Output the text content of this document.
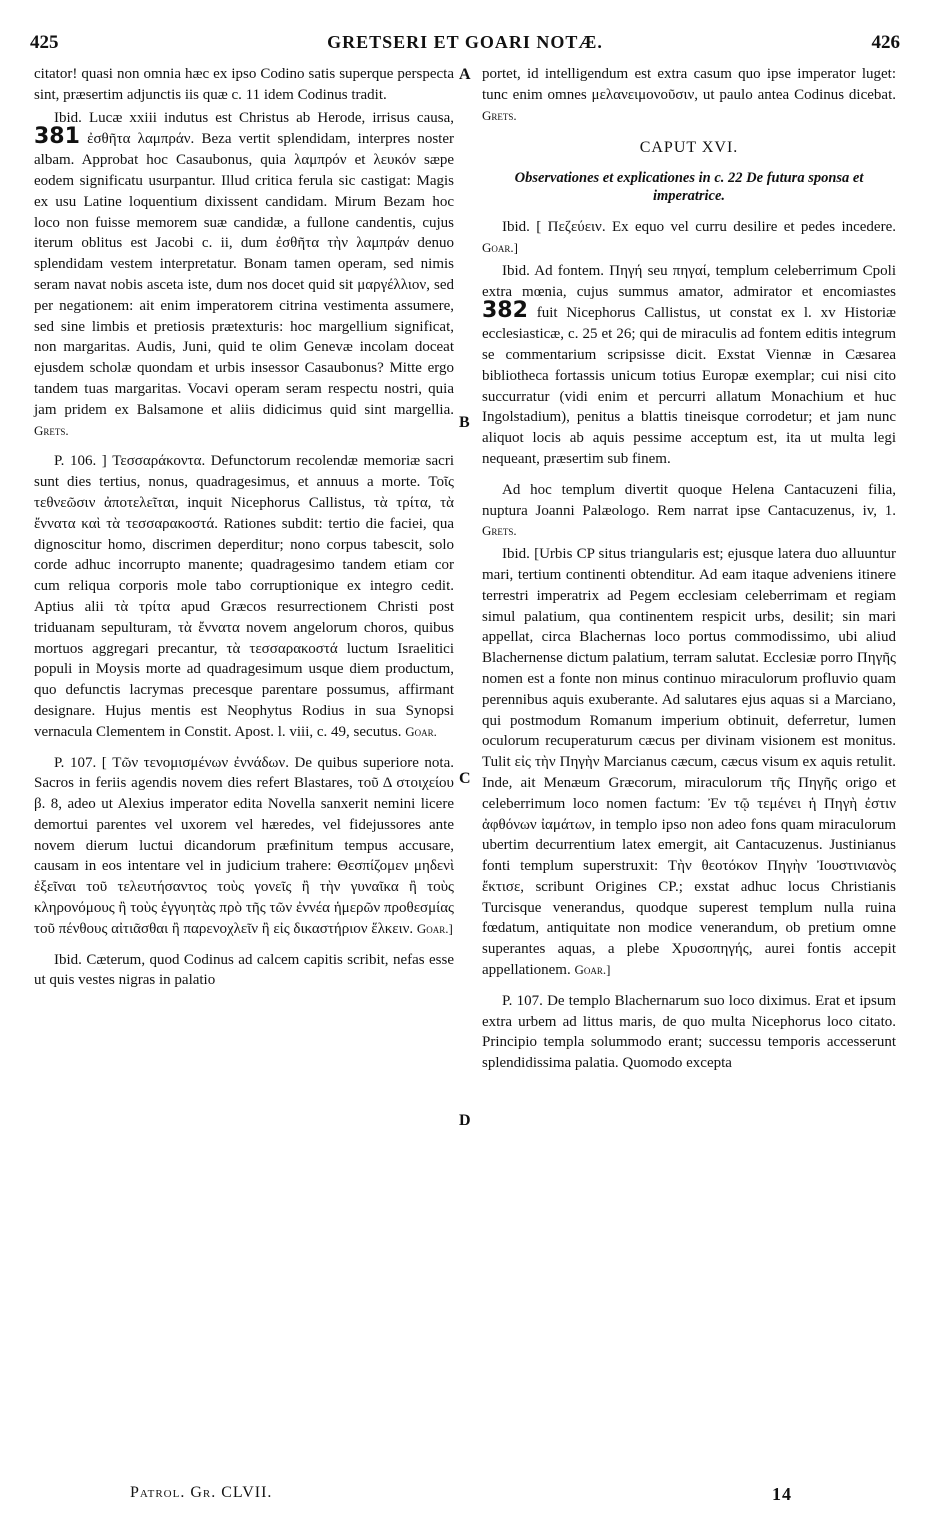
425	GRETSERI ET GOARI NOTÆ.	426
A
B
C
D

citator! quasi non omnia hæc ex ipso Codino satis superque perspecta sint, præsertim adjunctis iis quæ c. 11 idem Codinus tradit.

Ibid. Lucæ xxiii indutus est Christus ab Herode, irrisus causa, 381 ἐσθῆτα λαμπράν. Beza vertit splendidam, interpres noster albam. Approbat hoc Casaubonus, quia λαμπρόν et λευκόν sæpe eodem significatu usurpantur. Illud critica ferula sic castigat: Magis ex usu Latine loquentium dixissent candidam. Mirum Bezam hoc loco non fuisse memorem suæ candidæ, a fullone candentis, cujus iterum oblitus est Jacobi c. ii, dum ἐσθῆτα τὴν λαμπράν denuo splendidam vestem interpretatur. Bonam tamen operam, sed nimis seram navat nobis asceta iste, dum nos docet quid sit μαργέλλιον, sed per negationem: ait enim imperatorem citrina vestimenta assumere, sed sine limbis et pretiosis prætexturis: hoc margellium significat, non margaritas. Audis, Juni, quid te olim Genevæ incolam doceat ejusdem scholæ quondam et urbis insessor Casaubonus? Mitte ergo tandem tuas margaritas. Vocavi operam seram respectu nostri, quia jam pridem ex Balsamone et aliis didicimus quid sint margellia. Grets.

P. 106. ] Τεσσαράκοντα. Defunctorum recolendæ memoriæ sacri sunt dies tertius, nonus, quadragesimus, et annuus a morte. Τοῖς τεθνεῶσιν ἀποτελεῖται, inquit Nicephorus Callistus, τὰ τρίτα, τὰ ἔννατα καὶ τὰ τεσσαρακοστά. Rationes subdit: tertio die faciei, qua dignoscitur homo, discrimen deperditur; nono corpus tabescit, solo corde adhuc incorrupto manente; quadragesimo tandem etiam cor cum reliqua corporis mole tabo corruptionique ex integro cedit. Aptius alii τὰ τρίτα apud Græcos resurrectionem Christi post triduanam sepulturam, τὰ ἔννατα novem angelorum choros, quibus mortuos aggregari precantur, τὰ τεσσαρακοστά luctum Israelitici populi in Moysis morte ad quadragesimum usque diem productum, quo defunctis lacrymas precesque parentare possumus, affirmant designare. Hujus mentis est Neophytus Rodius in sua Synopsi vernacula Clementem in Constit. Apost. l. viii, c. 49, secutus. Goar.

P. 107. [ Τῶν τενομισμένων ἐννάδων. De quibus superiore nota. Sacros in feriis agendis novem dies refert Blastares, τοῦ Δ στοιχείου β. 8, adeo ut Alexius imperator edita Novella sanxerit nemini licere demortui parentes vel uxorem vel hæredes, vel fidejussores ante novem dierum luctui dicandorum præfinitum tempus accusare, causam in eos intentare vel in judicium trahere: Θεσπίζομεν μηδενὶ ἐξεῖναι τοῦ τελευτήσαντος τοὺς γονεῖς ἢ τὴν γυναῖκα ἢ τοὺς κληρονόμους ἢ τοὺς ἐγγυητὰς πρὸ τῆς τῶν ἐννέα ἡμερῶν προθεσμίας τοῦ πένθους αἰτιᾶσθαι ἢ παρενοχλεῖν ἢ εἰς δικαστήριον ἕλκειν. Goar.]

Ibid. Cæterum, quod Codinus ad calcem capitis scribit, nefas esse ut quis vestes nigras in palatio

portet, id intelligendum est extra casum quo ipse imperator luget: tunc enim omnes μελανειμονοῦσιν, ut paulo antea Codinus dicebat. Grets.

CAPUT XVI.
Observationes et explicationes in c. 22 De futura sponsa et imperatrice.

Ibid. [ Πεζεύειν. Ex equo vel curru desilire et pedes incedere. Goar.]

Ibid. Ad fontem. Πηγή seu πηγαί, templum celeberrimum Cpoli extra mœnia, cujus summus amator, admirator et encomiastes 382 fuit Nicephorus Callistus, ut constat ex l. xv Historiæ ecclesiasticæ, c. 25 et 26; qui de miraculis ad fontem editis integrum se commentarium scripsisse dicit. Exstat Viennæ in Cæsarea bibliotheca fortassis unicum totius Europæ exemplar; cui nisi cito succurratur (vidi enim et percurri allatum Monachium et huc Ingolstadium), penitus a blattis tineisque corrodetur; et jam nunc aliquot locis ab aquis pessime acceptum est, ita ut multa legi nequeant, præsertim sub finem.

Ad hoc templum divertit quoque Helena Cantacuzeni filia, nuptura Joanni Palæologo. Rem narrat ipse Cantacuzenus, iv, 1. Grets.

Ibid. [Urbis CP situs triangularis est; ejusque latera duo alluuntur mari, tertium continenti obtenditur. Ad eam itaque adveniens itinere terrestri imperatrix ad Pegem ecclesiam celeberrimam et regiam simul palatium, qua continentem respicit urbs, desilit; sin mari appellat, circa Blachernas loco portus commodissimo, ubi aliud Blachernense dictum palatium, terram salutat. Ecclesiæ porro Πηγῆς nomen est a fonte non minus continuo miraculorum profluvio quam perennibus aquis exuberante. Ad salutares ejus aquas si a Marciano, qui postmodum Romanum imperium obtinuit, deferretur, lumen oculorum recuperaturum cæcus per divinam visionem est monitus. Tulit εἰς τὴν Πηγὴν Marcianus cæcum, cæcus visum ex aquis retulit. Inde, ait Menæum Græcorum, miraculorum τῆς Πηγῆς origo et celeberrimum loco nomen factum: Ἐν τῷ τεμένει ἡ Πηγὴ ἐστιν ἀφθόνων ἰαμάτων, in templo ipso non adeo fons quam miraculorum ubertim decurrentium latex emergit, ait Cantacuzenus. Justinianus fonti templum superstruxit: Τὴν θεοτόκον Πηγὴν Ἰουστινιανὸς ἔκτισε, scribunt Origines CP.; exstat adhuc locus Christianis Turcisque venerandus, quodque superest templum nulla ruina fœdatum, antiquitate non modice venerandum, ob pretium omne superantes aquas, a plebe Χρυσοπηγής, aurei fontis accepit appellationem. Goar.]

P. 107. De templo Blachernarum suo loco diximus. Erat et ipsum extra urbem ad littus maris, de quo multa Nicephorus loco citato. Principio templa solummodo erant; successu temporis accesserunt splendidissima palatia. Quomodo excepta

Patrol. Gr. CLVII.	14
